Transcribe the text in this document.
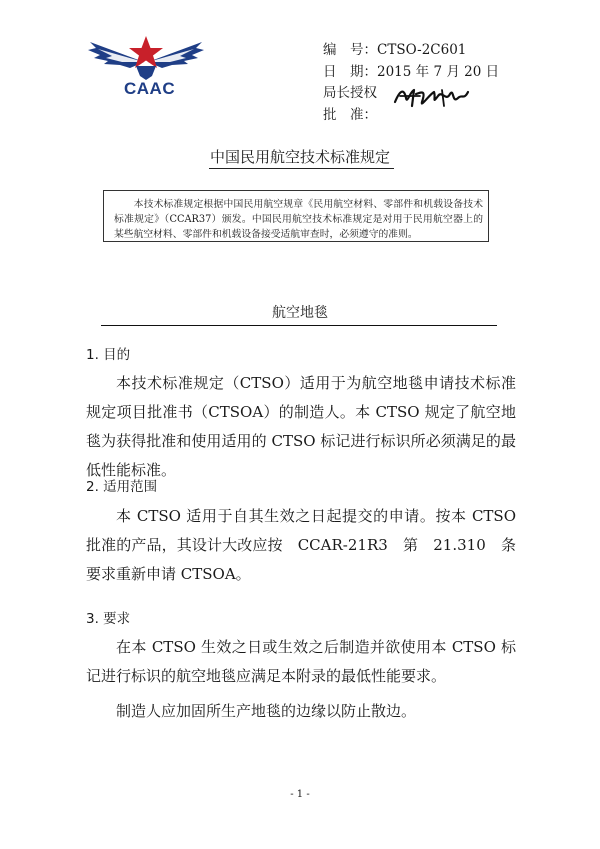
CAAC
编　号：CTSO-2C601
日　期：2015 年 7 月 20 日
局长授权
批　准：
中国民用航空技术标准规定
本技术标准规定根据中国民用航空规章《民用航空材料、零部件和机载设备技术标准规定》（CCAR37）颁发。中国民用航空技术标准规定是对用于民用航空器上的某些航空材料、零部件和机载设备接受适航审查时，必须遵守的准则。
航空地毯
1. 目的
本技术标准规定（CTSO）适用于为航空地毯申请技术标准规定项目批准书（CTSOA）的制造人。本 CTSO 规定了航空地毯为获得批准和使用适用的 CTSO 标记进行标识所必须满足的最低性能标准。
2. 适用范围
本 CTSO 适用于自其生效之日起提交的申请。按本 CTSO 批准的产品，其设计大改应按　CCAR-21R3　第　21.310　条要求重新申请 CTSOA。
3. 要求
在本 CTSO 生效之日或生效之后制造并欲使用本 CTSO 标记进行标识的航空地毯应满足本附录的最低性能要求。
制造人应加固所生产地毯的边缘以防止散边。
- 1 -
